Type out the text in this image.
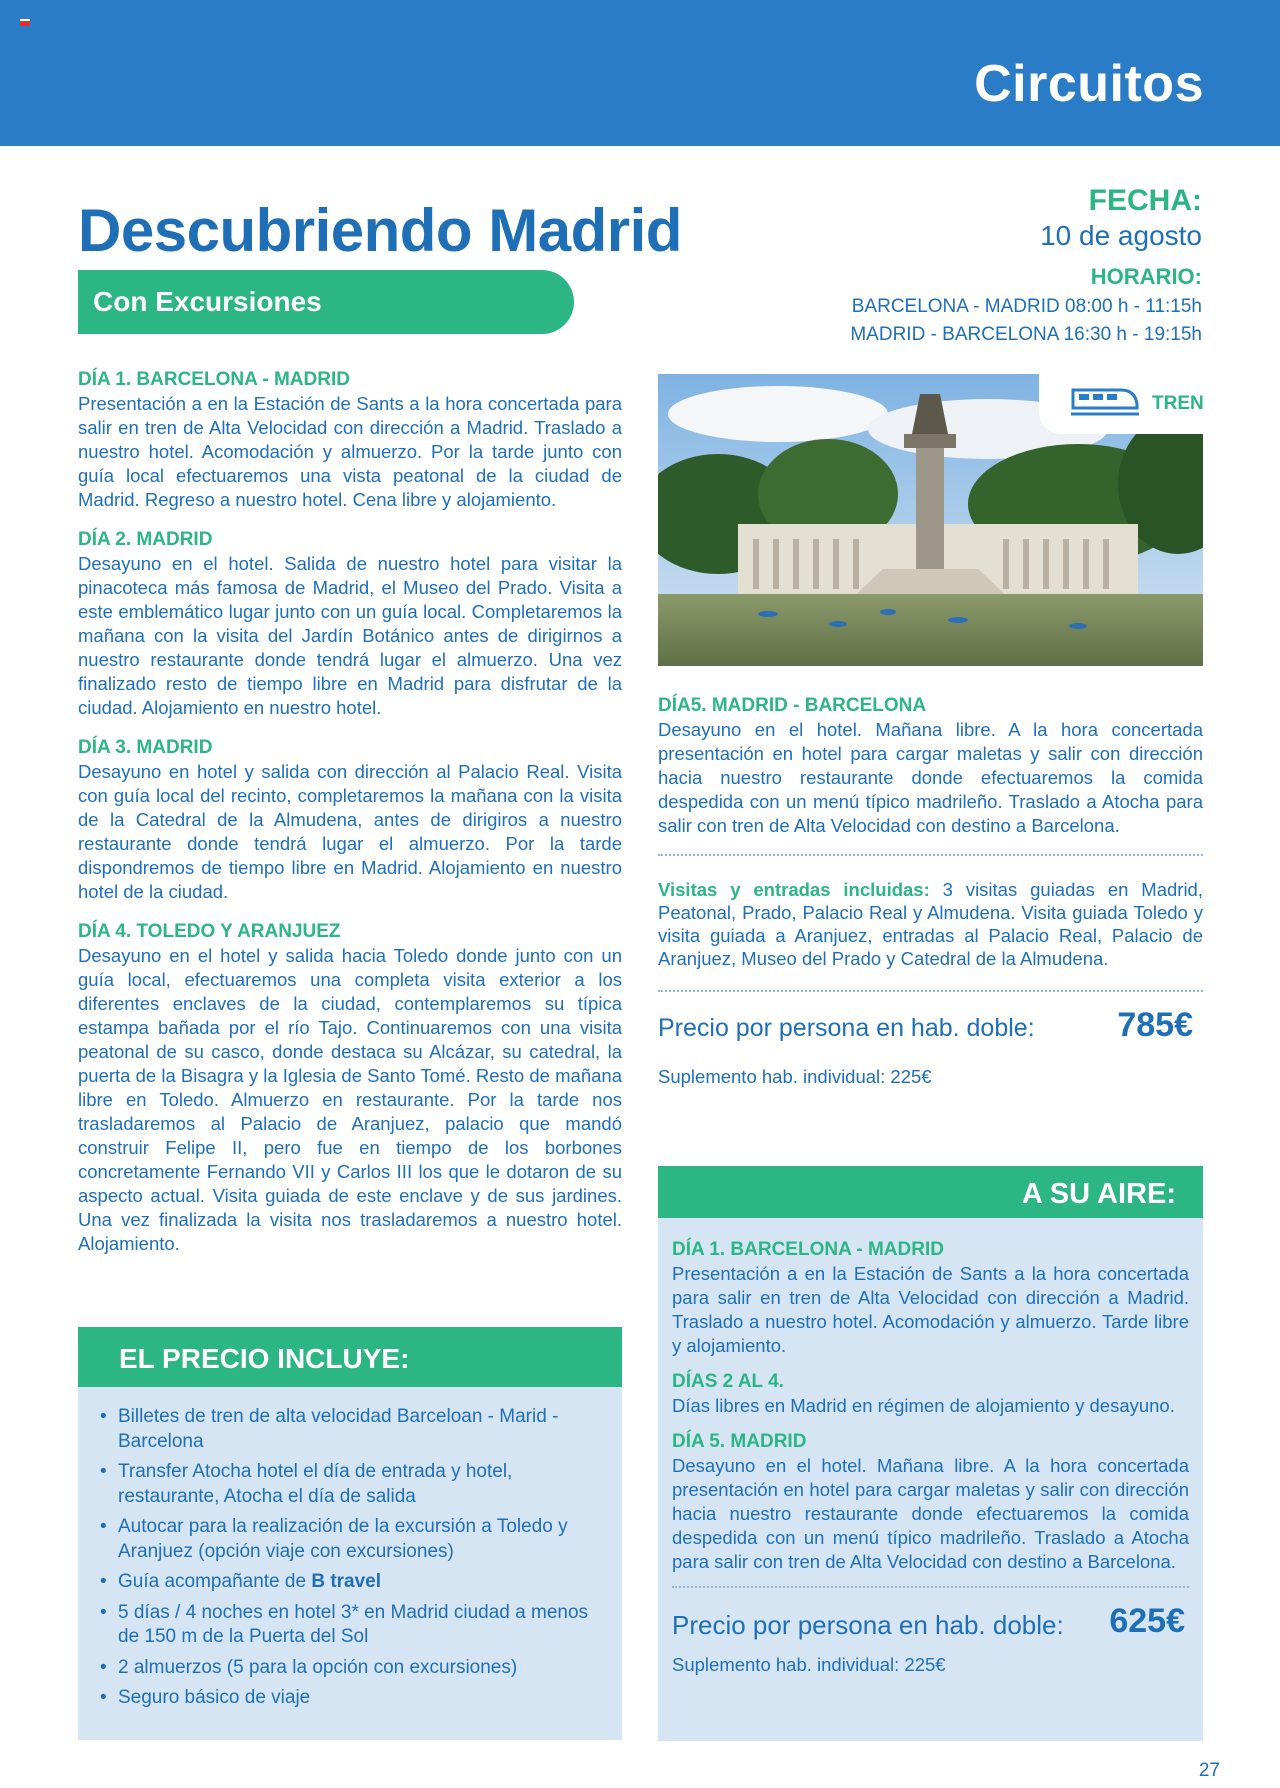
Circuitos
Descubriendo Madrid
Con Excursiones
FECHA:
10 de agosto
HORARIO:
BARCELONA - MADRID 08:00 h - 11:15h
MADRID - BARCELONA 16:30 h - 19:15h
DÍA 1. BARCELONA - MADRID

Presentación a en la Estación de Sants a la hora concertada para salir en tren de Alta Velocidad con dirección a Madrid. Traslado a nuestro hotel. Acomodación y almuerzo. Por la tarde junto con guía local efectuaremos una vista peatonal de la ciudad de Madrid. Regreso a nuestro hotel. Cena libre y alojamiento.

DÍA 2. MADRID

Desayuno en el hotel. Salida de nuestro hotel para visitar la pinacoteca más famosa de Madrid, el Museo del Prado. Visita a este emblemático lugar junto con un guía local. Completaremos la mañana con la visita del Jardín Botánico antes de dirigirnos a nuestro restaurante donde tendrá lugar el almuerzo. Una vez finalizado resto de tiempo libre en Madrid para disfrutar de la ciudad. Alojamiento en nuestro hotel.

DÍA 3. MADRID

Desayuno en hotel y salida con dirección al Palacio Real. Visita con guía local del recinto, completaremos la mañana con la visita de la Catedral de la Almudena, antes de dirigiros a nuestro restaurante donde tendrá lugar el almuerzo. Por la tarde dispondremos de tiempo libre en Madrid. Alojamiento en nuestro hotel de la ciudad.

DÍA 4. TOLEDO Y ARANJUEZ

Desayuno en el hotel y salida hacia Toledo donde junto con un guía local, efectuaremos una completa visita exterior a los diferentes enclaves de la ciudad, contemplaremos su típica estampa bañada por el río Tajo. Continuaremos con una visita peatonal de su casco, donde destaca su Alcázar, su catedral, la puerta de la Bisagra y la Iglesia de Santo Tomé. Resto de mañana libre en Toledo. Almuerzo en restaurante. Por la tarde nos trasladaremos al Palacio de Aranjuez, palacio que mandó construir Felipe II, pero fue en tiempo de los borbones concretamente Fernando VII y Carlos III los que le dotaron de su aspecto actual. Visita guiada de este enclave y de sus jardines. Una vez finalizada la visita nos trasladaremos a nuestro hotel. Alojamiento.

EL PRECIO INCLUYE:
• Billetes de tren de alta velocidad Barceloan - Marid - Barcelona
• Transfer Atocha hotel el día de entrada y hotel, restaurante, Atocha el día de salida
• Autocar para la realización de la excursión a Toledo y Aranjuez (opción viaje con excursiones)
• Guía acompañante de B travel
• 5 días / 4 noches en hotel 3* en Madrid ciudad a menos de 150 m de la Puerta del Sol
• 2 almuerzos (5 para la opción con excursiones)
• Seguro básico de viaje
TREN
DÍA5. MADRID - BARCELONA

Desayuno en el hotel. Mañana libre. A la hora concertada presentación en hotel para cargar maletas y salir con dirección hacia nuestro restaurante donde efectuaremos la comida despedida con un menú típico madrileño. Traslado a Atocha para salir con tren de Alta Velocidad con destino a Barcelona.

Visitas y entradas incluidas: 3 visitas guiadas en Madrid, Peatonal, Prado, Palacio Real y Almudena. Visita guiada Toledo y visita guiada a Aranjuez, entradas al Palacio Real, Palacio de Aranjuez, Museo del Prado y Catedral de la Almudena.

Precio por persona en hab. doble: 785€
Suplemento hab. individual: 225€
A SU AIRE:
DÍA 1. BARCELONA - MADRID

Presentación a en la Estación de Sants a la hora concertada para salir en tren de Alta Velocidad con dirección a Madrid. Traslado a nuestro hotel. Acomodación y almuerzo. Tarde libre y alojamiento.

DÍAS 2 AL 4.

Días libres en Madrid en régimen de alojamiento y desayuno.

DÍA 5. MADRID

Desayuno en el hotel. Mañana libre. A la hora concertada presentación en hotel para cargar maletas y salir con dirección hacia nuestro restaurante donde efectuaremos la comida despedida con un menú típico madrileño. Traslado a Atocha para salir con tren de Alta Velocidad con destino a Barcelona.

Precio por persona en hab. doble: 625€
Suplemento hab. individual: 225€
27
